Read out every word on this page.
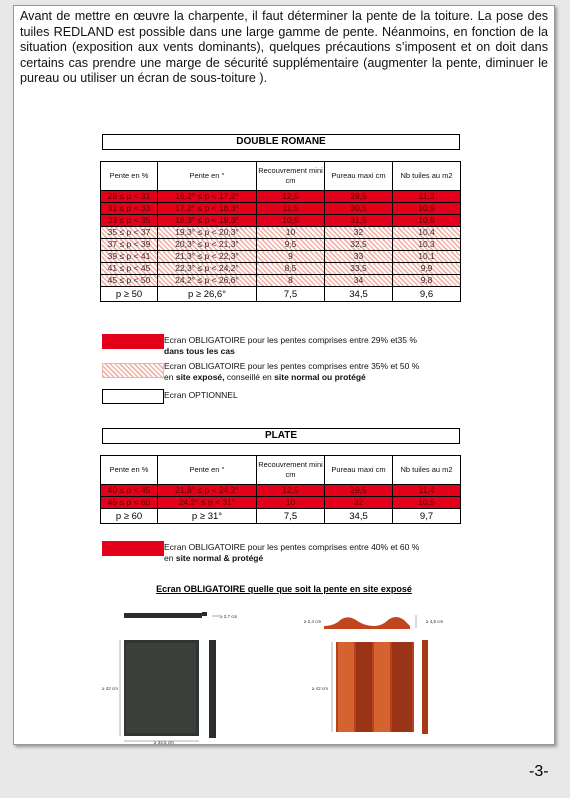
Avant de mettre en œuvre la charpente, il faut déterminer la pente de la toiture. La pose des tuiles REDLAND est possible dans une large gamme de pente. Néanmoins, en fonction de la situation (exposition aux vents dominants), quelques précautions s’imposent et on doit dans certains cas prendre une marge de sécurité supplémentaire (augmenter la pente, diminuer le pureau ou utiliser un écran de sous-toiture ).

DOUBLE ROMANE
Pente en %	Pente en °	Recouvrement mini cm	Pureau maxi cm	Nb tuiles au m2
29 ≤ p < 31	16,2° ≤ p < 17,2°	12,5	29,5	11,3
31 ≤ p < 33	17,2° ≤ p < 18,3°	11,5	30,5	10,9
33 ≤ p < 35	18,3° ≤ p < 19,3°	10,5	31,5	10,6
35 ≤ p < 37	19,3° ≤ p < 20,3°	10	32	10,4
37 ≤ p < 39	20,3° ≤ p < 21,3°	9,5	32,5	10,3
39 ≤ p < 41	21,3° ≤ p < 22,3°	9	33	10,1
41 ≤ p < 45	22,3° ≤ p < 24,2°	8,5	33,5	9,9
45 ≤ p < 50	24,2° ≤ p < 26,6°	8	34	9,8
p ≥ 50	p ≥ 26,6°	7,5	34,5	9,6
Ecran OBLIGATOIRE pour les pentes comprises entre 29% et35 %
dans tous les cas
Ecran OBLIGATOIRE pour les pentes comprises entre 35% et 50 %
en site exposé, conseillé en site normal ou protégé
Ecran OPTIONNEL
PLATE
Pente en %	Pente en °	Recouvrement mini cm	Pureau maxi cm	Nb tuiles au m2
40 ≤ p < 45	21,8° ≤ p < 24,2°	12,5	29,5	11,4
45 ≤ p < 60	24,2° ≤ p < 31°	10	32	10,5
p ≥ 60	p ≥ 31°	7,5	34,5	9,7
Ecran OBLIGATOIRE pour les pentes comprises entre 40% et 60 %
en site normal & protégé
Ecran OBLIGATOIRE quelle que soit la pente en site exposé
≥ 2,7 cm
≥ 42 cm
≥ 33,5 cm
≥ 2,4 cm	≥ 4,9 cm
≥ 42 cm
-3-
